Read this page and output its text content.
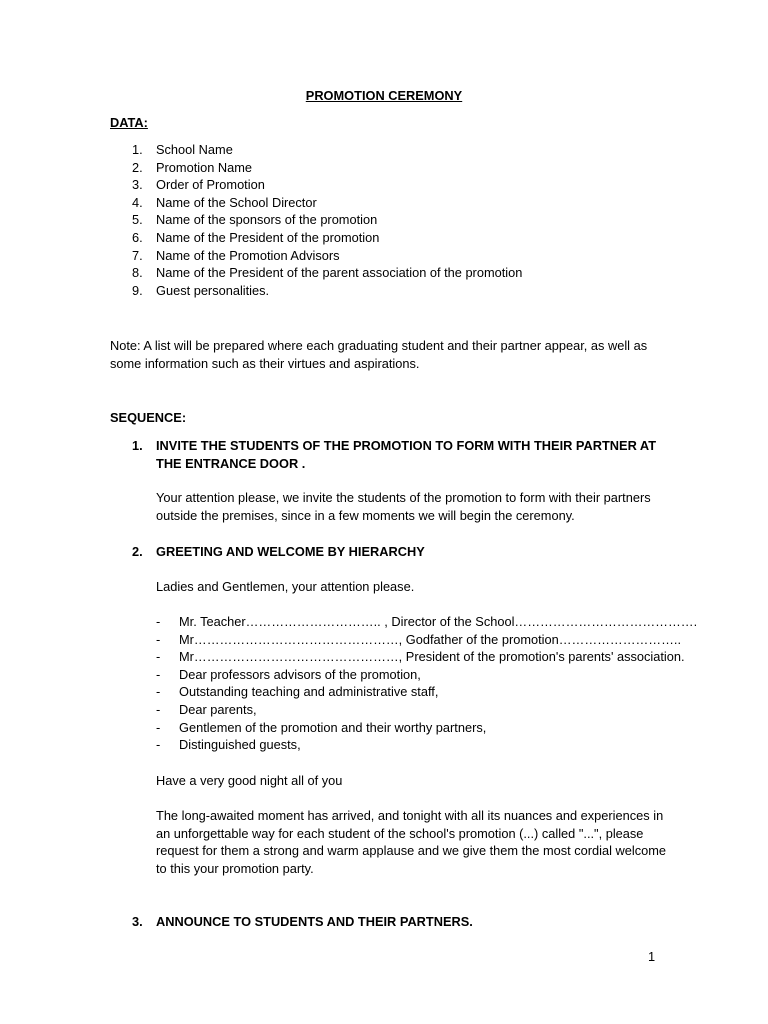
PROMOTION CEREMONY
DATA:
1. School Name
2. Promotion Name
3. Order of Promotion
4. Name of the School Director
5. Name of the sponsors of the promotion
6. Name of the President of the promotion
7. Name of the Promotion Advisors
8. Name of the President of the parent association of the promotion
9. Guest personalities.
Note: A list will be prepared where each graduating student and their partner appear, as well as some information such as their virtues and aspirations.
SEQUENCE:
1. INVITE THE STUDENTS OF THE PROMOTION TO FORM WITH THEIR PARTNER AT THE ENTRANCE DOOR .
Your attention please, we invite the students of the promotion to form with their partners outside the premises, since in a few moments we will begin the ceremony.
2. GREETING AND WELCOME BY HIERARCHY
Ladies and Gentlemen, your attention please.
- Mr. Teacher………………………….. , Director of the School…………………………………….
- Mr…………………………………………, Godfather of the promotion………………………..
- Mr…………………………………………, President of the promotion's parents' association.
- Dear professors advisors of the promotion,
- Outstanding teaching and administrative staff,
- Dear parents,
- Gentlemen of the promotion and their worthy partners,
- Distinguished guests,
Have a very good night all of you
The long-awaited moment has arrived, and tonight with all its nuances and experiences in an unforgettable way for each student of the school's promotion (...) called "...", please request for them a strong and warm applause and we give them the most cordial welcome to this your promotion party.
3. ANNOUNCE TO STUDENTS AND THEIR PARTNERS.
1
